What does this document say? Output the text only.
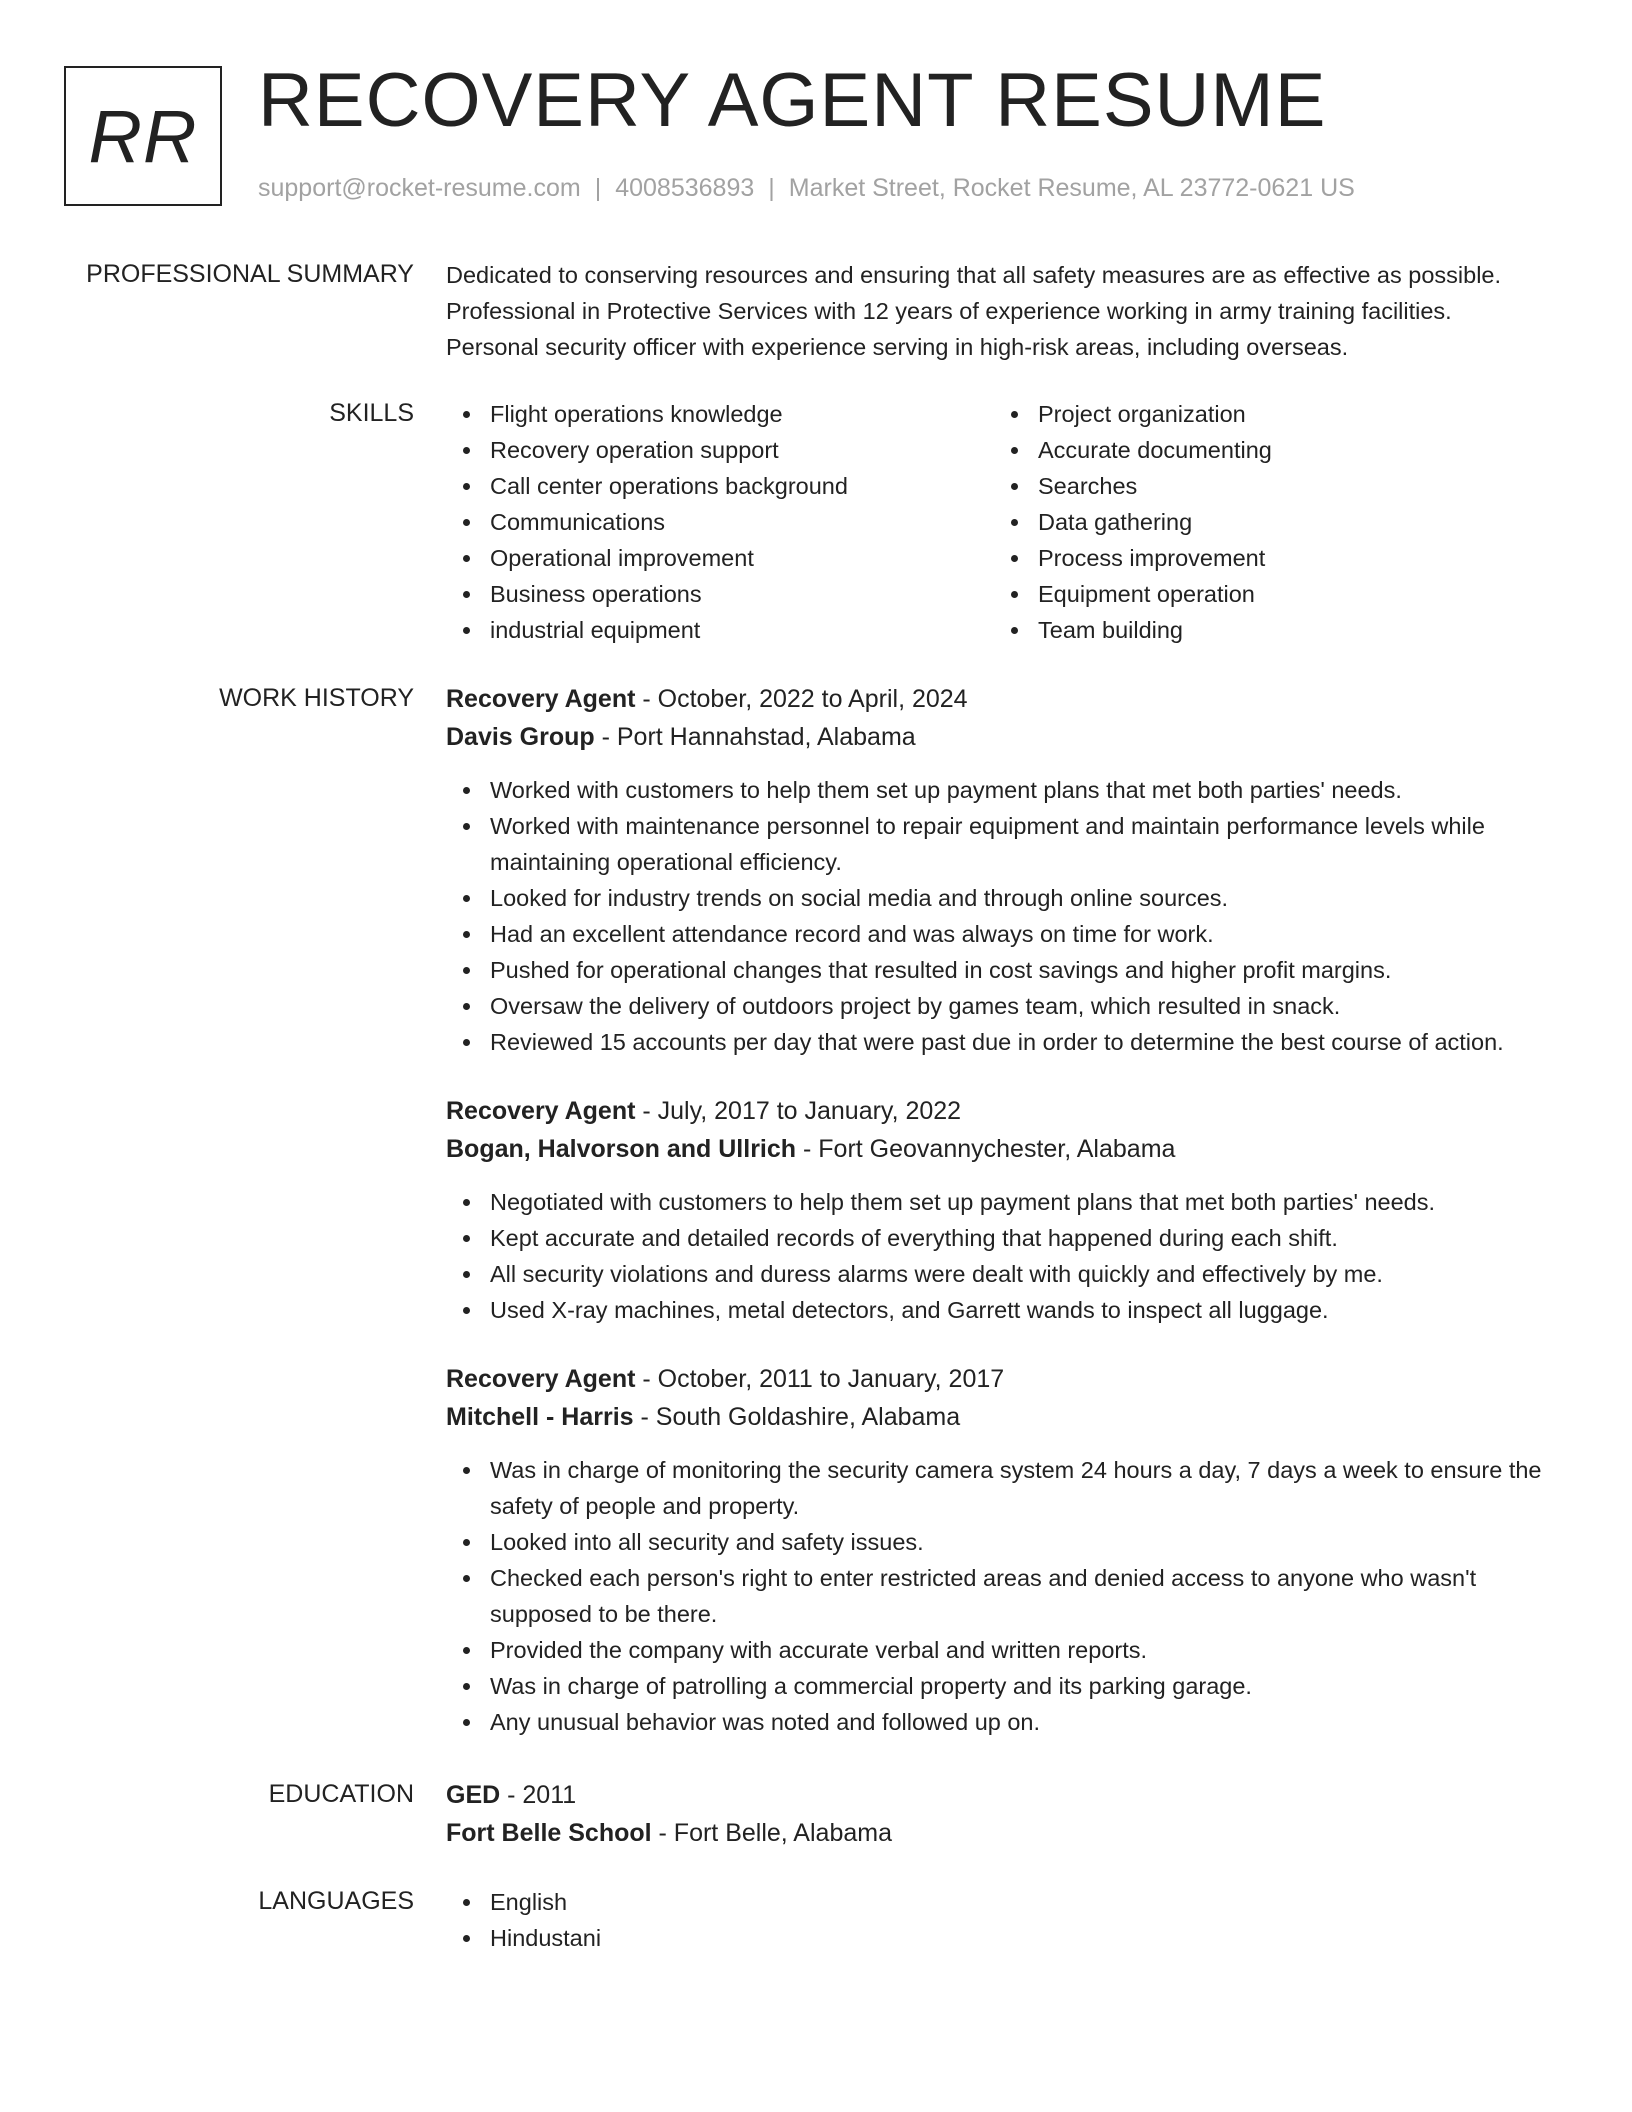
RR RECOVERY AGENT RESUME
support@rocket-resume.com | 4008536893 | Market Street, Rocket Resume, AL 23772-0621 US
PROFESSIONAL SUMMARY Dedicated to conserving resources and ensuring that all safety measures are as effective as possible.

Professional in Protective Services with 12 years of experience working in army training facilities.

Personal security officer with experience serving in high-risk areas, including overseas.

SKILLS	Flight operations knowledge
Recovery operation support
Call center operations background
Communications
Operational improvement
Business operations
industrial equipment
Project organization
Accurate documenting
Searches
Data gathering
Process improvement
Equipment operation
Team building
WORK HISTORY Recovery Agent - October, 2022 to April, 2024
Davis Group - Port Hannahstad, Alabama
Worked with customers to help them set up payment plans that met both parties' needs.
Worked with maintenance personnel to repair equipment and maintain performance levels while maintaining operational efficiency.
Looked for industry trends on social media and through online sources.
Had an excellent attendance record and was always on time for work.
Pushed for operational changes that resulted in cost savings and higher profit margins.
Oversaw the delivery of outdoors project by games team, which resulted in snack.
Reviewed 15 accounts per day that were past due in order to determine the best course of action.
Recovery Agent - July, 2017 to January, 2022
Bogan, Halvorson and Ullrich - Fort Geovannychester, Alabama
Negotiated with customers to help them set up payment plans that met both parties' needs.
Kept accurate and detailed records of everything that happened during each shift.
All security violations and duress alarms were dealt with quickly and effectively by me.
Used X-ray machines, metal detectors, and Garrett wands to inspect all luggage.
Recovery Agent - October, 2011 to January, 2017
Mitchell - Harris - South Goldashire, Alabama
Was in charge of monitoring the security camera system 24 hours a day, 7 days a week to ensure the safety of people and property.
Looked into all security and safety issues.
Checked each person's right to enter restricted areas and denied access to anyone who wasn't supposed to be there.
Provided the company with accurate verbal and written reports.
Was in charge of patrolling a commercial property and its parking garage.
Any unusual behavior was noted and followed up on.
EDUCATION GED - 2011
Fort Belle School - Fort Belle, Alabama
LANGUAGES	English
Hindustani
